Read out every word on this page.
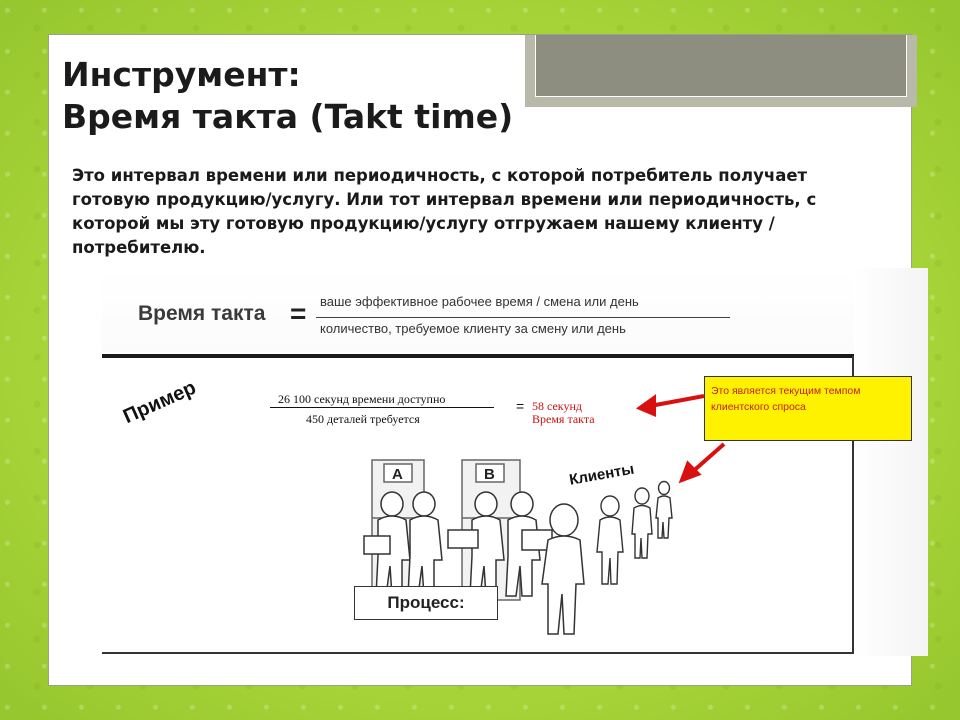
Инструмент:
Время такта (Takt time)

Это интервал времени или периодичность, с которой потребитель получает готовую продукцию/услугу. Или тот интервал времени или периодичность, с которой мы эту готовую продукцию/услугу отгружаем нашему клиенту / потребителю.

Время такта = ваше эффективное рабочее время / смена или день
количество, требуемое клиенту за смену или день
A	B
Пример	26 100 секунд времени доступно
450 деталей требуется
= 58 секунд
Время такта
Это является текущим темпом клиентского спроса
Клиенты
Процесс:
